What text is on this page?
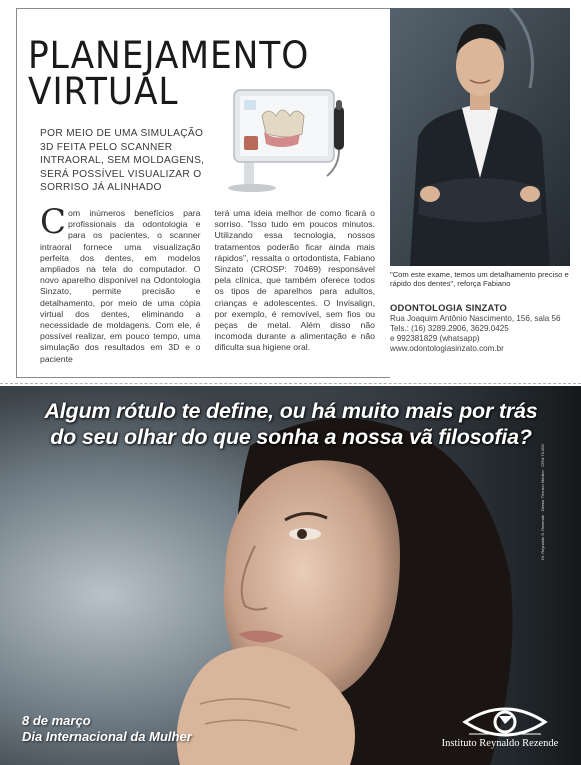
PLANEJAMENTO
VIRTUAL

POR MEIO DE UMA SIMULAÇÃO 3D FEITA PELO SCANNER INTRAORAL, SEM MOLDAGENS, SERÁ POSSÍVEL VISUALIZAR O SORRISO JÁ ALINHADO

Com inúmeros benefícios para profissionais da odontologia e para os pacientes, o scanner intraoral fornece uma visualização perfeita dos dentes, em modelos ampliados na tela do computador. O novo aparelho disponível na Odontologia Sinzato, permite precisão e detalhamento, por meio de uma cópia virtual dos dentes, eliminando a necessidade de moldagens. Com ele, é possível realizar, em pouco tempo, uma simulação dos resultados em 3D e o paciente

terá uma ideia melhor de como ficará o sorriso. "Isso tudo em poucos minutos. Utilizando essa tecnologia, nossos tratamentos poderão ficar ainda mais rápidos", ressalta o ortodontista, Fabiano Sinzato (CROSP: 70469) responsável pela clínica, que também oferece todos os tipos de aparelhos para adultos, crianças e adolescentes. O Invisalign, por exemplo, é removível, sem fios ou peças de metal. Além disso não incomoda durante a alimentação e não dificulta sua higiene oral.

"Com este exame, temos um detalhamento preciso e rápido dos dentes", reforça Fabiano

ODONTOLOGIA SINZATO

Rua Joaquim Antônio Nascimento, 156, sala 56
Tels.: (16) 3289.2906, 3629.0425
e 992381829 (whatsapp)
www.odontologiasinzato.com.br
Algum rótulo te define, ou há muito mais por trás
do seu olhar do que sonha a nossa vã filosofia?
8 de março
Dia Internacional da Mulher	Instituto Reynaldo Rezende
Dr. Reynaldo S. Rezende · Diretor Técnico Médico · CRM 70.000
